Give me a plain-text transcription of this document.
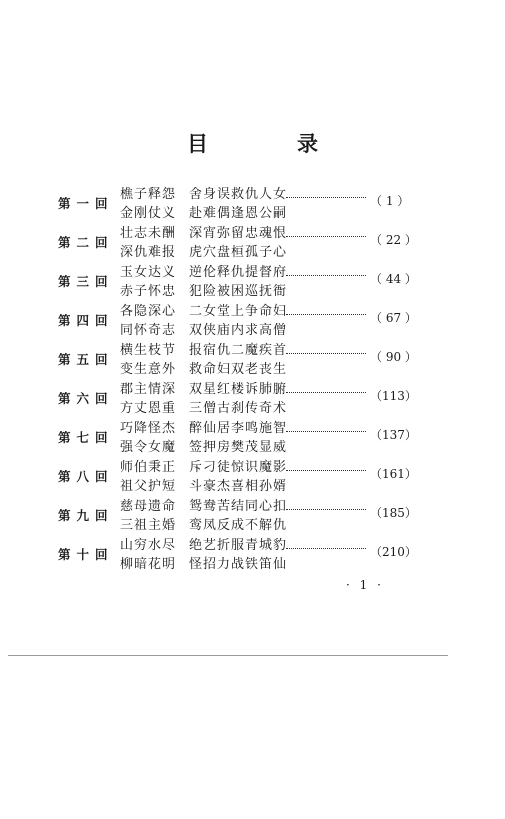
目　录
第一回
樵子释怨 舍身误救仇人女
金刚仗义 赴难偶逢恩公嗣
（ 1 ）
第二回
壮志未酬 深宵弥留忠魂恨
深仇难报 虎穴盘桓孤子心
（ 22 ）
第三回
玉女达义 逆伦释仇提督府
赤子怀忠 犯险被困巡抚衙
（ 44 ）
第四回
各隐深心 二女堂上争命妇
同怀奇志 双侠庙内求高僧
（ 67 ）
第五回
横生枝节 报宿仇二魔疾首
变生意外 救命妇双老丧生
（ 90 ）
第六回
郡主情深 双星红楼诉肺腑
方丈恩重 三僧古刹传奇术
（113）
第七回
巧降怪杰 醉仙居李鸣施智
强令女魔 签押房樊茂显威
（137）
第八回
师伯秉正 斥刁徒惊识魔影
祖父护短 斗豪杰喜相孙婿
（161）
第九回
慈母遗命 鸳鸯苦结同心扣
三祖主婚 鸾凤反成不解仇
（185）
第十回
山穷水尽 绝艺折服青城豹
柳暗花明 怪招力战铁笛仙
（210）
· 1 ·
